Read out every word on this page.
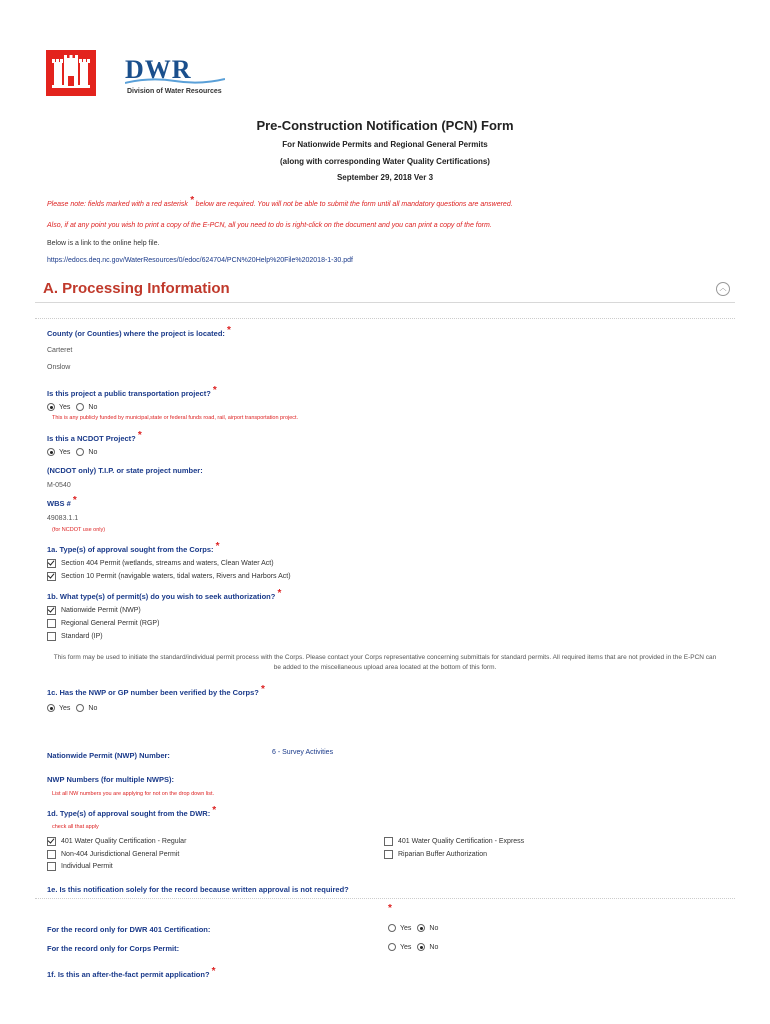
DWR
Division of Water Resources
Pre-Construction Notification (PCN) Form
For Nationwide Permits and Regional General Permits
(along with corresponding Water Quality Certifications)
September 29, 2018 Ver 3
Please note: fields marked with a red asterisk * below are required. You will not be able to submit the form until all mandatory questions are answered.
Also, if at any point you wish to print a copy of the E-PCN, all you need to do is right-click on the document and you can print a copy of the form.
Below is a link to the online help file.
https://edocs.deq.nc.gov/WaterResources/0/edoc/624704/PCN%20Help%20File%202018-1-30.pdf
A. Processing Information	︿
County (or Counties) where the project is located: *
Carteret
Onslow
Is this project a public transportation project? *
Yes	No
This is any publicly funded by municipal,state or federal funds road, rail, airport transportation project.
Is this a NCDOT Project? *
Yes	No
(NCDOT only) T.I.P. or state project number:
M-0540
WBS # *
49083.1.1
(for NCDOT use only)
1a. Type(s) of approval sought from the Corps: *
Section 404 Permit (wetlands, streams and waters, Clean Water Act)
Section 10 Permit (navigable waters, tidal waters, Rivers and Harbors Act)
1b. What type(s) of permit(s) do you wish to seek authorization? *
Nationwide Permit (NWP)
Regional General Permit (RGP)
Standard (IP)
This form may be used to initiate the standard/individual permit process with the Corps. Please contact your Corps representative concerning submittals for standard permits. All required items that are not provided in the E-PCN can be added to the miscellaneous upload area located at the bottom of this form.
1c. Has the NWP or GP number been verified by the Corps? *
Yes	No
Nationwide Permit (NWP) Number:	6 - Survey Activities
NWP Numbers (for multiple NWPS):
List all NW numbers you are applying for not on the drop down list.
1d. Type(s) of approval sought from the DWR: *
check all that apply
401 Water Quality Certification - Regular
Non-404 Jurisdictional General Permit
Individual Permit
401 Water Quality Certification - Express
Riparian Buffer Authorization
1e. Is this notification solely for the record because written approval is not required?
*
For the record only for DWR 401 Certification:	Yes	No
For the record only for Corps Permit:	Yes	No
1f. Is this an after-the-fact permit application? *
